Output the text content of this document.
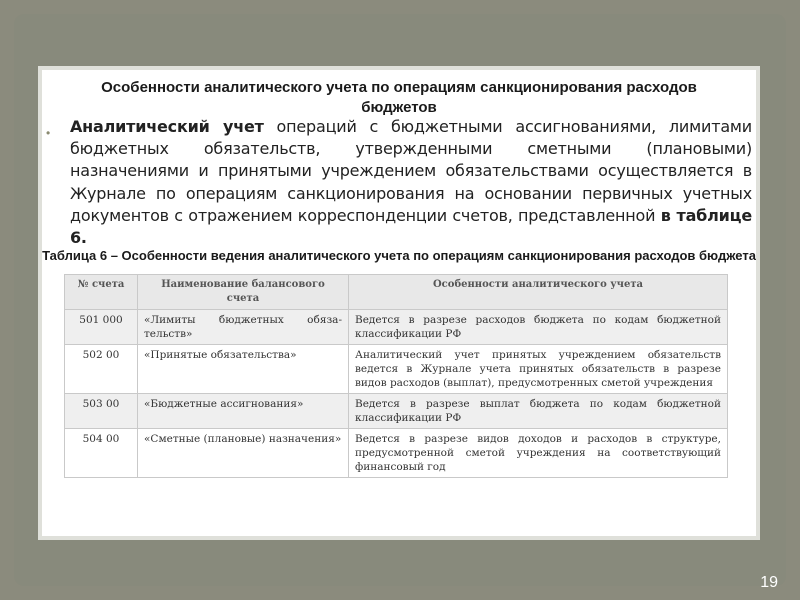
Особенности аналитического учета по операциям санкционирования расходов бюджетов
• Аналитический учет операций с бюджетными ассигнованиями, лимитами бюджетных обязательств, утвержденными сметными (плановыми) назначениями и принятыми учреждением обязательствами осуществляется в Журнале по операциям санкционирования на основании первичных учетных документов с отражением корреспонденции счетов, представленной в таблице 6.
Таблица 6 – Особенности ведения аналитического учета по операциям санкционирования расходов бюджета
№ счета	Наименование балансового счета	Особенности аналитического учета
501 000	«Лимиты бюджетных обяза-тельств»	Ведется в разрезе расходов бюджета по кодам бюджетной классификации РФ
502 00	«Принятые обязательства»	Аналитический учет принятых учреждением обязательств ведется в Журнале учета принятых обязательств в разрезе видов расходов (выплат), предусмотренных сметой учреждения
503 00	«Бюджетные ассигнования»	Ведется в разрезе выплат бюджета по кодам бюджетной классификации РФ
504 00	«Сметные (плановые) назначения»	Ведется в разрезе видов доходов и расходов в структуре, предусмотренной сметой учреждения на соответствующий финансовый год
19
